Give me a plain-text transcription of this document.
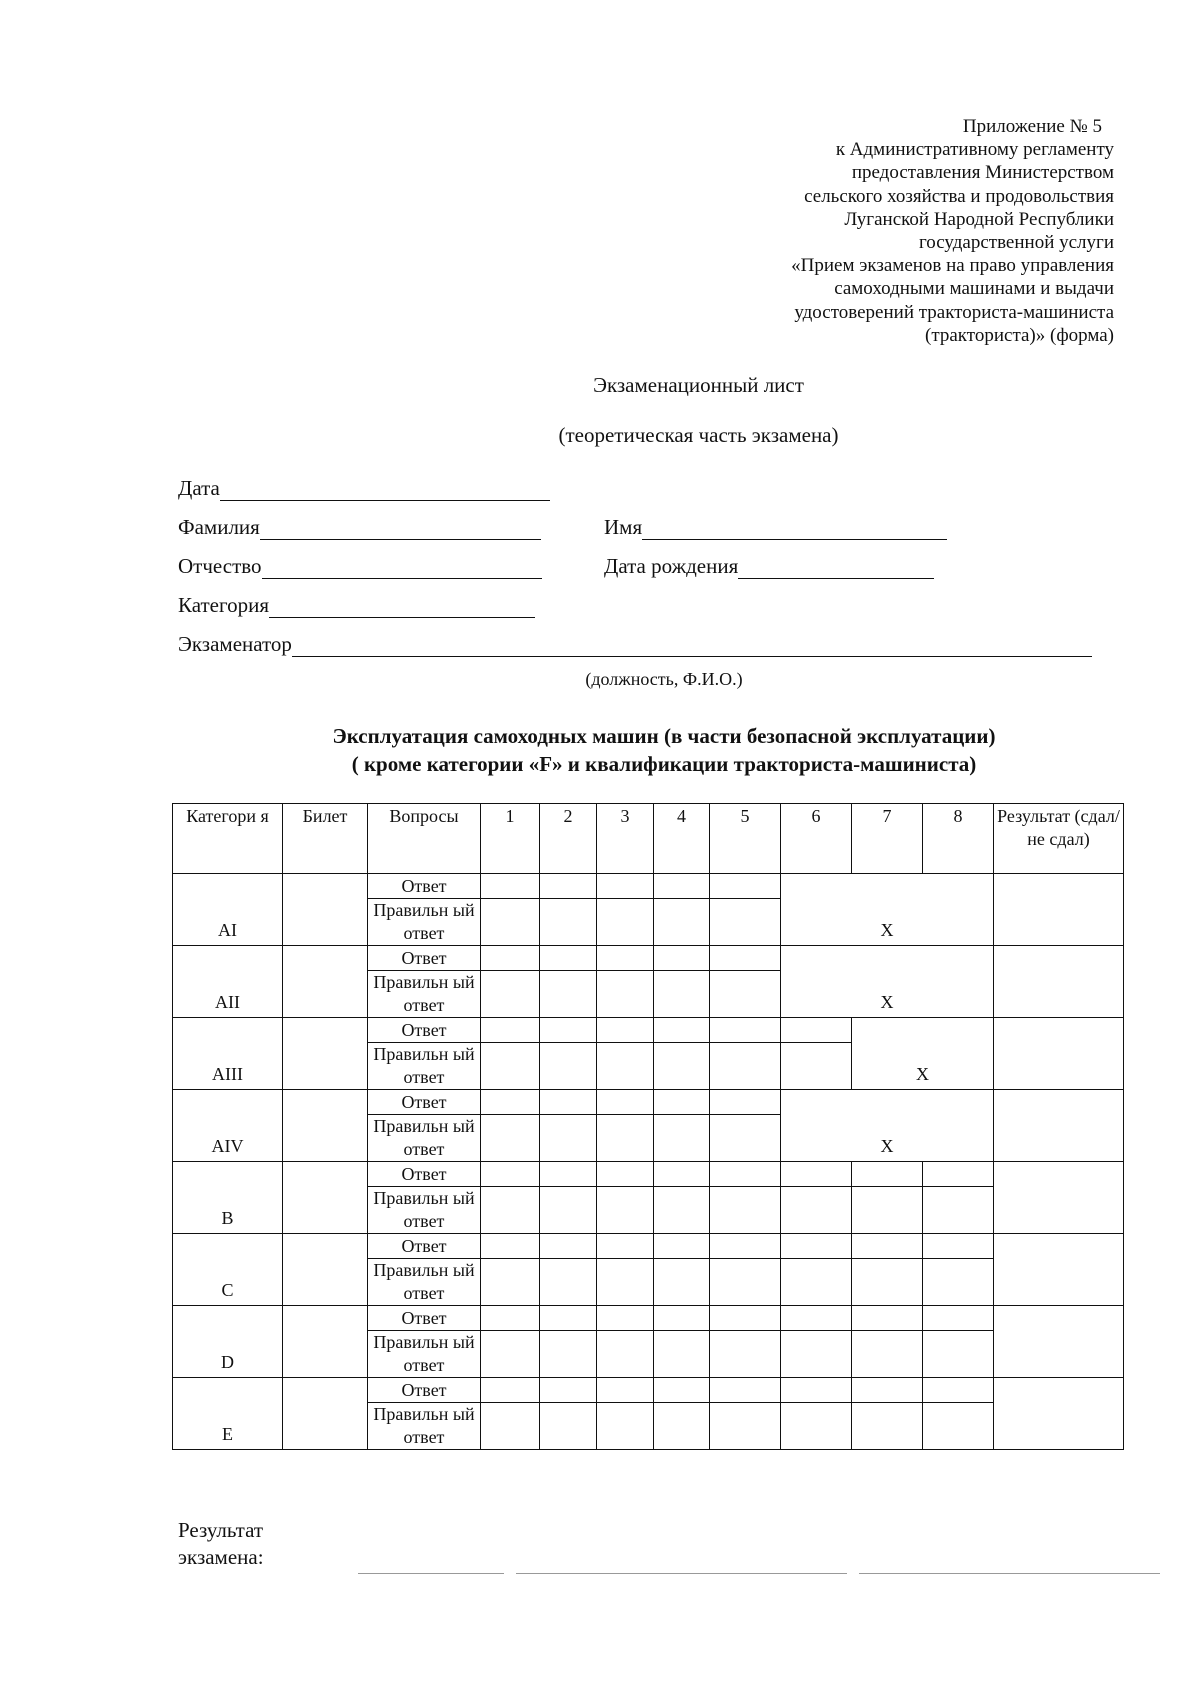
Приложение № 5
к Административному регламенту
предоставления Министерством
сельского хозяйства и продовольствия
Луганской Народной Республики
государственной услуги
«Прием экзаменов на право управления
самоходными машинами и выдачи
удостоверений тракториста-машиниста
(тракториста)» (форма)
Экзаменационный лист
(теоретическая часть экзамена)
Дата
Фамилия	Имя
Отчество	Дата рождения
Категория
Экзаменатор
(должность, Ф.И.О.)
Эксплуатация самоходных машин (в части безопасной эксплуатации)
( кроме категории «F» и квалификации тракториста-машиниста)
Категори я	Билет	Вопросы	1	2	3	4	5	6	7	8	Результат (сдал/не сдал)
AI		Ответ						Х			
		Правильн ый ответ									
AII		Ответ						Х			
		Правильн ый ответ									
AIII		Ответ							Х		
		Правильн ый ответ									
AIV		Ответ						Х			
		Правильн ый ответ									
B		Ответ									
		Правильн ый ответ									
C		Ответ									
		Правильн ый ответ									
D		Ответ									
		Правильн ый ответ									
E		Ответ									
		Правильн ый ответ									
Результат
экзамена:
